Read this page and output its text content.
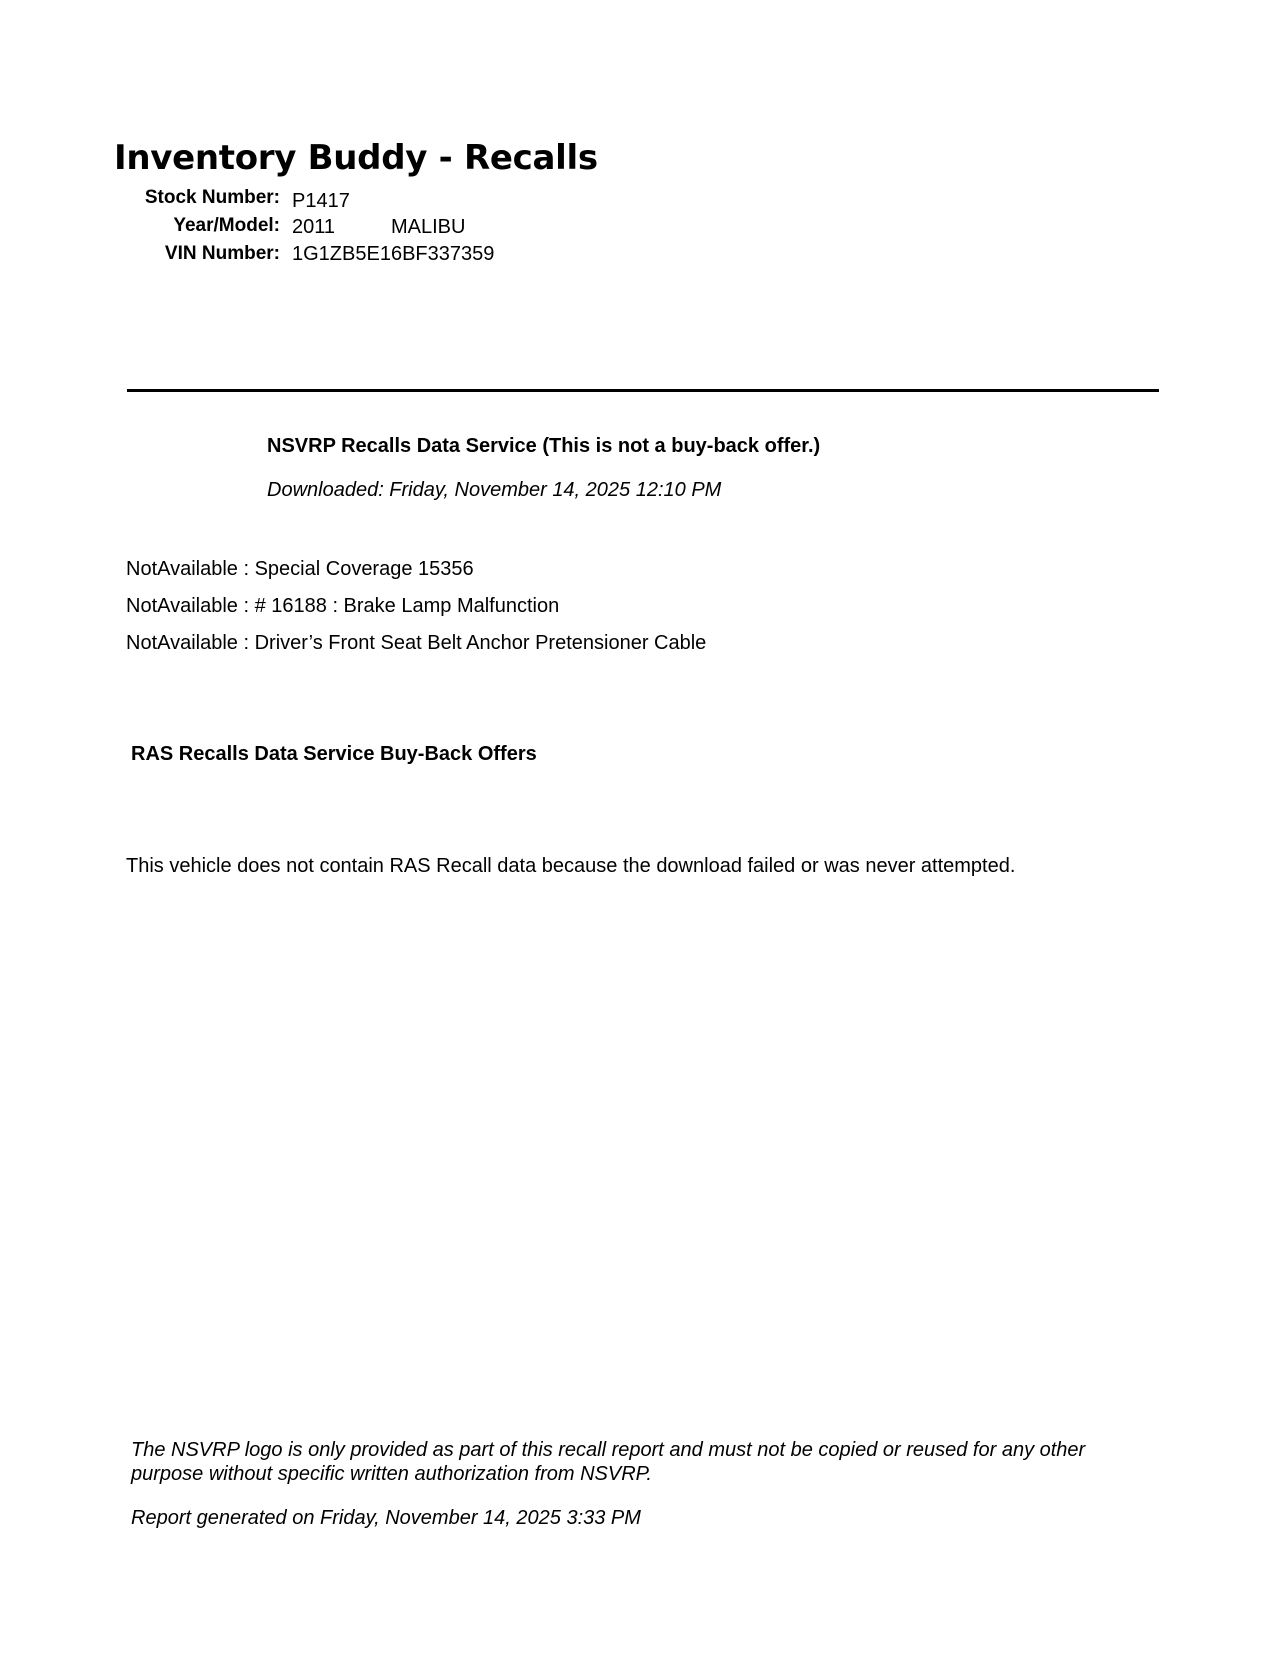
Inventory Buddy - Recalls
Stock Number: P1417
Year/Model: 2011	MALIBU
VIN Number: 1G1ZB5E16BF337359
NSVRP Recalls Data Service (This is not a buy-back offer.)
Downloaded: Friday, November 14, 2025 12:10 PM
NotAvailable : Special Coverage 15356
NotAvailable : # 16188 : Brake Lamp Malfunction
NotAvailable : Driver’s Front Seat Belt Anchor Pretensioner Cable
RAS Recalls Data Service Buy-Back Offers
This vehicle does not contain RAS Recall data because the download failed or was never attempted.
The NSVRP logo is only provided as part of this recall report and must not be copied or reused for any other purpose without specific written authorization from NSVRP.
Report generated on Friday, November 14, 2025 3:33 PM
